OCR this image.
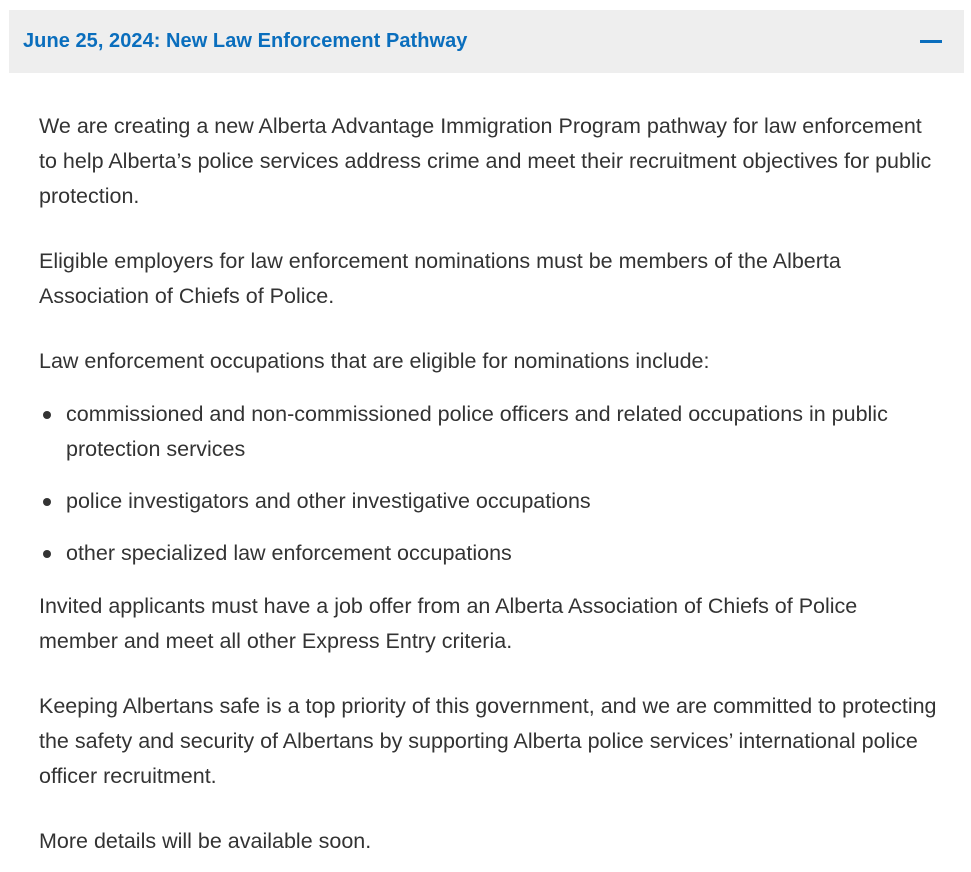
June 25, 2024: New Law Enforcement Pathway

We are creating a new Alberta Advantage Immigration Program pathway for law enforcement to help Alberta’s police services address crime and meet their recruitment objectives for public protection.

Eligible employers for law enforcement nominations must be members of the Alberta Association of Chiefs of Police.

Law enforcement occupations that are eligible for nominations include:

commissioned and non-commissioned police officers and related occupations in public protection services
police investigators and other investigative occupations
other specialized law enforcement occupations

Invited applicants must have a job offer from an Alberta Association of Chiefs of Police member and meet all other Express Entry criteria.

Keeping Albertans safe is a top priority of this government, and we are committed to protecting the safety and security of Albertans by supporting Alberta police services’ international police officer recruitment.

More details will be available soon.
